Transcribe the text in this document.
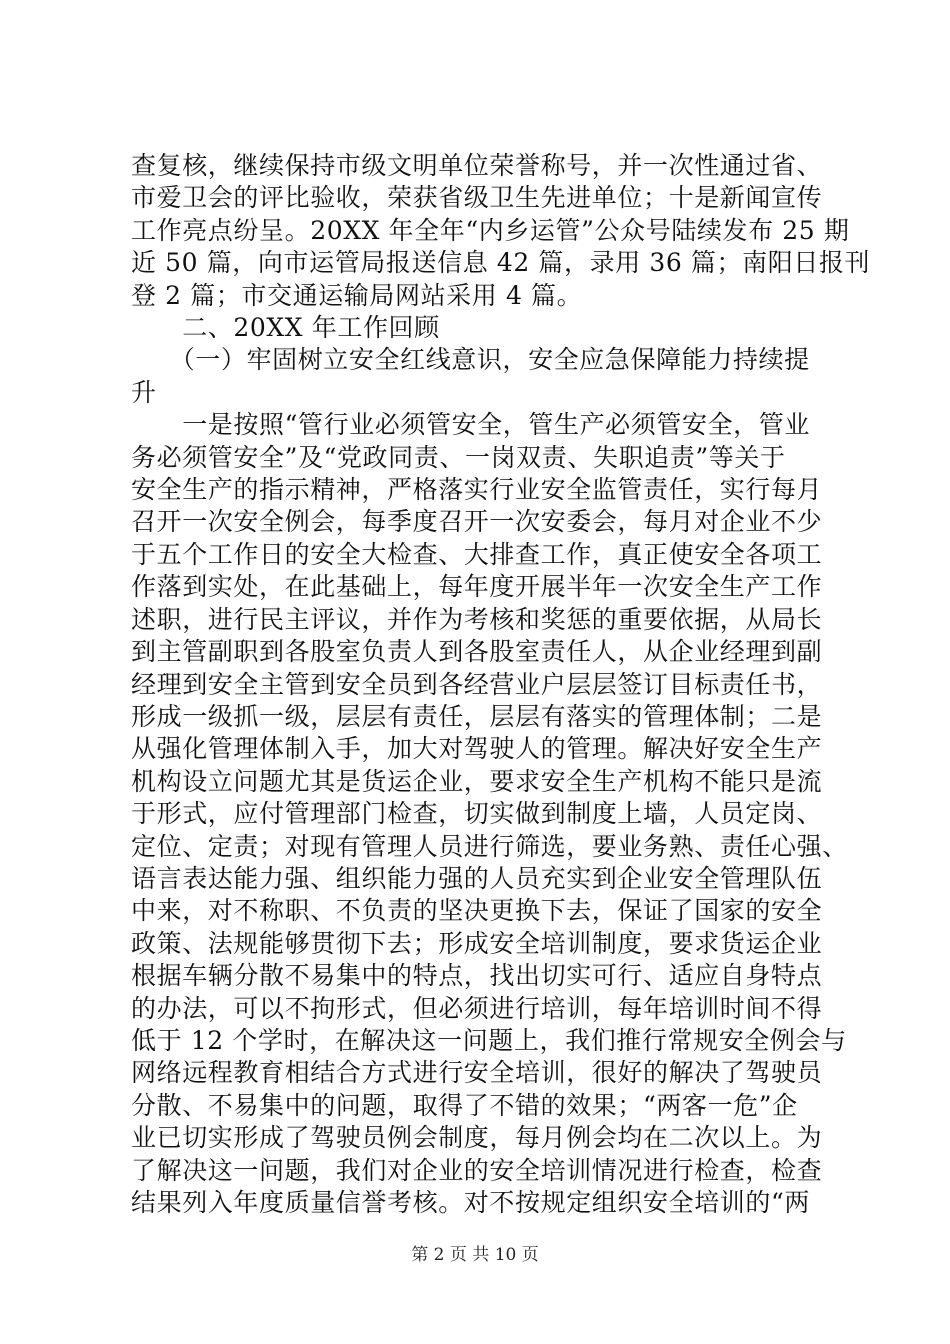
查复核，继续保持市级文明单位荣誉称号，并一次性通过省、

市爱卫会的评比验收，荣获省级卫生先进单位；十是新闻宣传

工作亮点纷呈。20XX 年全年“内乡运管”公众号陆续发布 25 期

近 50 篇，向市运管局报送信息 42 篇，录用 36 篇；南阳日报刊

登 2 篇；市交通运输局网站采用 4 篇。

　　二、20XX 年工作回顾

　　（一）牢固树立安全红线意识，安全应急保障能力持续提

升

　　一是按照“管行业必须管安全，管生产必须管安全，管业

务必须管安全”及“党政同责、一岗双责、失职追责”等关于

安全生产的指示精神，严格落实行业安全监管责任，实行每月

召开一次安全例会，每季度召开一次安委会，每月对企业不少

于五个工作日的安全大检查、大排查工作，真正使安全各项工

作落到实处，在此基础上，每年度开展半年一次安全生产工作

述职，进行民主评议，并作为考核和奖惩的重要依据，从局长

到主管副职到各股室负责人到各股室责任人，从企业经理到副

经理到安全主管到安全员到各经营业户层层签订目标责任书，

形成一级抓一级，层层有责任，层层有落实的管理体制；二是

从强化管理体制入手，加大对驾驶人的管理。解决好安全生产

机构设立问题尤其是货运企业，要求安全生产机构不能只是流

于形式，应付管理部门检查，切实做到制度上墙，人员定岗、

定位、定责；对现有管理人员进行筛选，要业务熟、责任心强、

语言表达能力强、组织能力强的人员充实到企业安全管理队伍

中来，对不称职、不负责的坚决更换下去，保证了国家的安全

政策、法规能够贯彻下去；形成安全培训制度，要求货运企业

根据车辆分散不易集中的特点，找出切实可行、适应自身特点

的办法，可以不拘形式，但必须进行培训，每年培训时间不得

低于 12 个学时，在解决这一问题上，我们推行常规安全例会与

网络远程教育相结合方式进行安全培训，很好的解决了驾驶员

分散、不易集中的问题，取得了不错的效果；“两客一危”企

业已切实形成了驾驶员例会制度，每月例会均在二次以上。为

了解决这一问题，我们对企业的安全培训情况进行检查，检查

结果列入年度质量信誉考核。对不按规定组织安全培训的“两

第 2 页 共 10 页
